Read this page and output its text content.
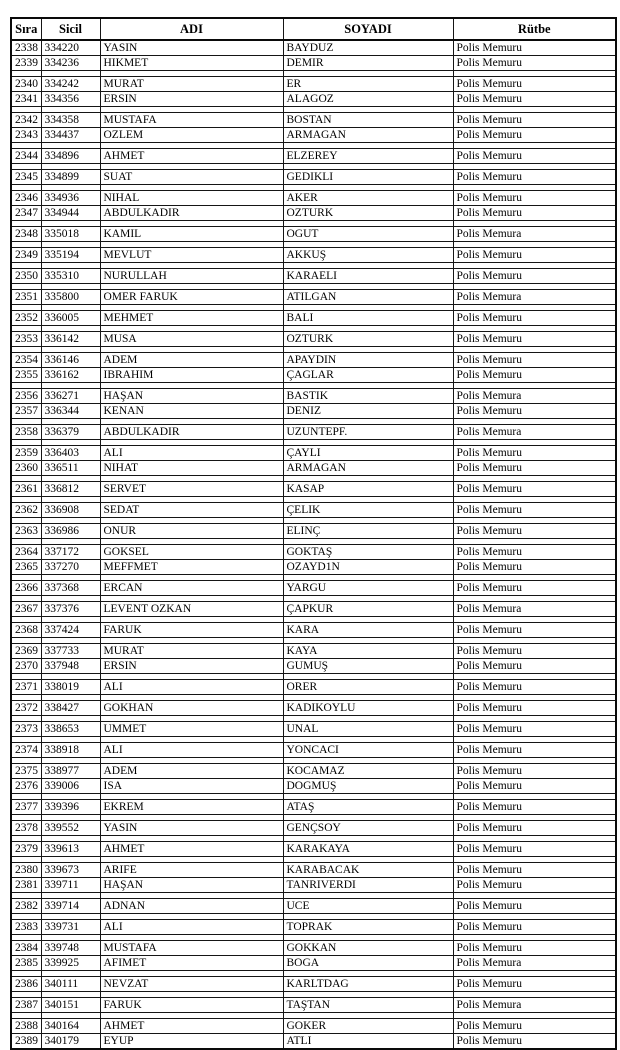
Sıra	Sicil	ADI	SOYADI	Rütbe
2338	334220	YASIN	BAYDUZ	Polis Memuru
2339	334236	HIKMET	DEMIR	Polis Memuru

2340	334242	MURAT	ER	Polis Memuru
2341	334356	ERSIN	ALAGOZ	Polis Memuru

2342	334358	MUSTAFA	BOSTAN	Polis Memuru
2343	334437	OZLEM	ARMAGAN	Polis Memuru

2344	334896	AHMET	ELZEREY	Polis Memuru

2345	334899	SUAT	GEDIKLI	Polis Memuru

2346	334936	NIHAL	AKER	Polis Memuru
2347	334944	ABDULKADIR	OZTURK	Polis Memuru

2348	335018	KAMIL	OGUT	Polis Memura

2349	335194	MEVLUT	AKKUŞ	Polis Memuru

2350	335310	NURULLAH	KARAELI	Polis Memuru

2351	335800	OMER FARUK	ATILGAN	Polis Memura

2352	336005	MEHMET	BALI	Polis Memuru

2353	336142	MUSA	OZTURK	Polis Memuru

2354	336146	ADEM	APAYDIN	Polis Memuru
2355	336162	IBRAHIM	ÇAGLAR	Polis Memuru

2356	336271	HAŞAN	BASTIK	Polis Memura
2357	336344	KENAN	DENIZ	Polis Memuru

2358	336379	ABDULKADIR	UZUNTEPF.	Polis Memura

2359	336403	ALI	ÇAYLI	Polis Memuru
2360	336511	NIHAT	ARMAGAN	Polis Memuru

2361	336812	SERVET	KASAP	Polis Memuru

2362	336908	SEDAT	ÇELIK	Polis Memuru

2363	336986	ONUR	ELINÇ	Polis Memuru

2364	337172	GOKSEL	GOKTAŞ	Polis Memuru
2365	337270	MEFFMET	OZAYD1N	Polis Memuru

2366	337368	ERCAN	YARGU	Polis Memuru

2367	337376	LEVENT OZKAN	ÇAPKUR	Polis Memura

2368	337424	FARUK	KARA	Polis Memuru

2369	337733	MURAT	KAYA	Polis Memuru
2370	337948	ERSIN	GUMUŞ	Polis Memuru

2371	338019	ALI	ORER	Polis Memuru

2372	338427	GOKHAN	KADIKOYLU	Polis Memuru

2373	338653	UMMET	UNAL	Polis Memuru

2374	338918	ALI	YONCACI	Polis Memuru

2375	338977	ADEM	KOCAMAZ	Polis Memuru
2376	339006	ISA	DOGMUŞ	Polis Memuru

2377	339396	EKREM	ATAŞ	Polis Memuru

2378	339552	YASIN	GENÇSOY	Polis Memuru

2379	339613	AHMET	KARAKAYA	Polis Memuru

2380	339673	ARIFE	KARABACAK	Polis Memuru
2381	339711	HAŞAN	TANRIVERDI	Polis Memuru

2382	339714	ADNAN	UCE	Polis Memuru

2383	339731	ALI	TOPRAK	Polis Memuru

2384	339748	MUSTAFA	GOKKAN	Polis Memuru
2385	339925	AFIMET	BOGA	Polis Memura

2386	340111	NEVZAT	KARLTDAG	Polis Memuru

2387	340151	FARUK	TAŞTAN	Polis Memura

2388	340164	AHMET	GOKER	Polis Memuru
2389	340179	EYUP	ATLI	Polis Memuru
